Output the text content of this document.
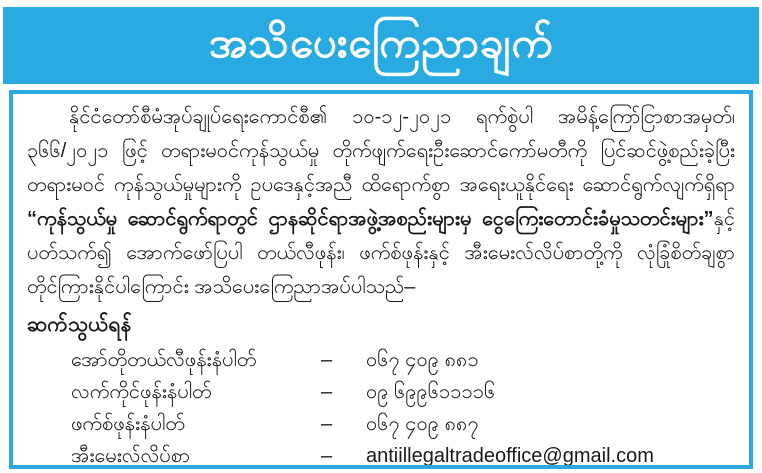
အသိပေးကြေညာချက်

နိုင်ငံတော်စီမံအုပ်ချုပ်ရေးကောင်စီ၏ ၁၀-၁၂-၂၀၂၁ ရက်စွဲပါ အမိန့်ကြော်ငြာစာအမှတ်၊ ၃၆၆/၂၀၂၁ ဖြင့် တရားမဝင်ကုန်သွယ်မှု တိုက်ဖျက်ရေးဦးဆောင်ကော်မတီကို ပြင်ဆင်ဖွဲ့စည်းခဲ့ပြီး တရားမဝင် ကုန်သွယ်မှုများကို ဥပဒေနှင့်အညီ ထိရောက်စွာ အရေးယူနိုင်ရေး ဆောင်ရွက်လျက်ရှိရာ “ကုန်သွယ်မှု ဆောင်ရွက်ရာတွင် ဌာနဆိုင်ရာအဖွဲ့အစည်းများမှ ငွေကြေးတောင်းခံမှုသတင်းများ”နှင့် ပတ်သက်၍ အောက်ဖော်ပြပါ တယ်လီဖုန်း၊ ဖက်စ်ဖုန်းနှင့် အီးမေးလ်လိပ်စာတို့ကို လုံခြုံစိတ်ချစွာ တိုင်ကြားနိုင်ပါကြောင်း အသိပေးကြေညာအပ်ပါသည်–

ဆက်သွယ်ရန်
အော်တိုတယ်လီဖုန်းနံပါတ်	–	၀၆၇ ၄၀၉ ၈၈၁
လက်ကိုင်ဖုန်းနံပါတ်	–	၀၉ ၆၉၉၆၁၁၁၁၆
ဖက်စ်ဖုန်းနံပါတ်	–	၀၆၇ ၄၀၉ ၈၈၇
အီးမေးလ်လိပ်စာ	–	antiillegaltradeoffice@gmail.com
